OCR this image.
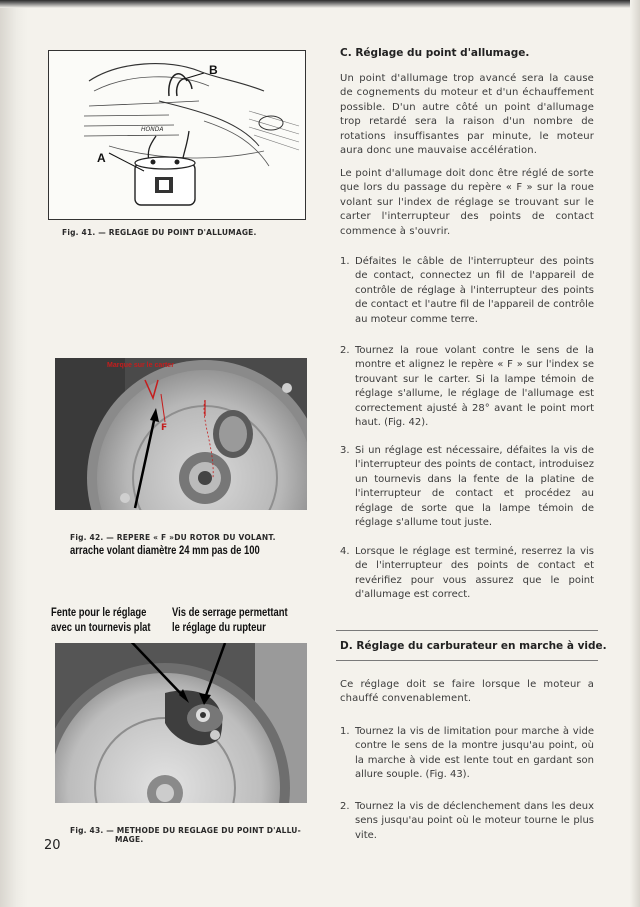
HONDA
A
B
Fig. 41. — REGLAGE DU POINT D'ALLUMAGE.
F
Marque sur le carter
Fig. 42. — REPERE « F »DU ROTOR DU VOLANT.
arrache volant diamètre 24 mm pas de 100
Fente pour le réglage
avec un tournevis plat
Vis de serrage permettant
le réglage du rupteur
Fig. 43. — METHODE DU REGLAGE DU POINT D'ALLU-
MAGE.
20
C. Réglage du point d'allumage.
Un point d'allumage trop avancé sera la cause de cognements du moteur et d'un échauffement possible. D'un autre côté un point d'allumage trop retardé sera la raison d'un nombre de rotations insuffisantes par minute, le moteur aura donc une mauvaise accélération.
Le point d'allumage doit donc être réglé de sorte que lors du passage du repère « F » sur la roue volant sur l'index de réglage se trouvant sur le carter l'interrupteur des points de contact commence à s'ouvrir.
1. Défaites le câble de l'interrupteur des points de contact, connectez un fil de l'appareil de contrôle de réglage à l'interrupteur des points de contact et l'autre fil de l'appareil de contrôle au moteur comme terre.
2. Tournez la roue volant contre le sens de la montre et alignez le repère « F » sur l'index se trouvant sur le carter. Si la lampe témoin de réglage s'allume, le réglage de l'allumage est correctement ajusté à 28° avant le point mort haut. (Fig. 42).
3. Si un réglage est nécessaire, défaites la vis de l'interrupteur des points de contact, introduisez un tournevis dans la fente de la platine de l'interrupteur de contact et procédez au réglage de sorte que la lampe témoin de réglage s'allume tout juste.
4. Lorsque le réglage est terminé, reserrez la vis de l'interrupteur des points de contact et revérifiez pour vous assurez que le point d'allumage est correct.
D. Réglage du carburateur en marche à vide.
Ce réglage doit se faire lorsque le moteur a chauffé convenablement.
1. Tournez la vis de limitation pour marche à vide contre le sens de la montre jusqu'au point, où la marche à vide est lente tout en gardant son allure souple. (Fig. 43).
2. Tournez la vis de déclenchement dans les deux sens jusqu'au point où le moteur tourne le plus vite.
